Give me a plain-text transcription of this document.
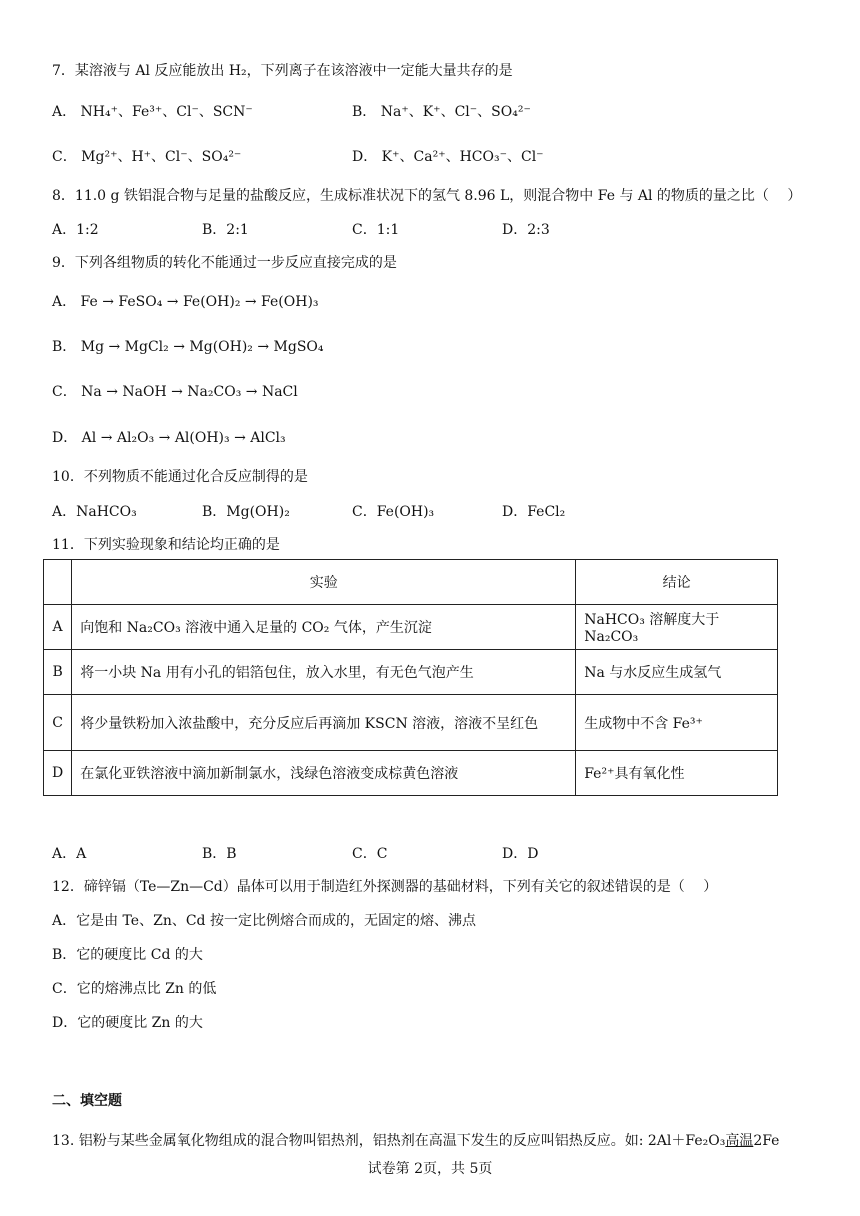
7．某溶液与 Al 反应能放出 H₂，下列离子在该溶液中一定能大量共存的是
A． NH₄⁺、Fe³⁺、Cl⁻、SCN⁻	B． Na⁺、K⁺、Cl⁻、SO₄²⁻
C． Mg²⁺、H⁺、Cl⁻、SO₄²⁻	D． K⁺、Ca²⁺、HCO₃⁻、Cl⁻
8．11.0 g 铁铝混合物与足量的盐酸反应，生成标准状况下的氢气 8.96 L，则混合物中 Fe 与 Al 的物质的量之比（　 ）
A．1:2	B．2:1	C．1:1	D．2:3
9．下列各组物质的转化不能通过一步反应直接完成的是
A． Fe → FeSO₄ → Fe(OH)₂ → Fe(OH)₃
B． Mg → MgCl₂ → Mg(OH)₂ → MgSO₄
C． Na → NaOH → Na₂CO₃ → NaCl
D． Al → Al₂O₃ → Al(OH)₃ → AlCl₃
10．不列物质不能通过化合反应制得的是
A．NaHCO₃	B．Mg(OH)₂	C．Fe(OH)₃	D．FeCl₂
11．下列实验现象和结论均正确的是
	实验	结论
A	向饱和 Na₂CO₃ 溶液中通入足量的 CO₂ 气体，产生沉淀	NaHCO₃ 溶解度大于 Na₂CO₃
B	将一小块 Na 用有小孔的铝箔包住，放入水里，有无色气泡产生	Na 与水反应生成氢气
C	将少量铁粉加入浓盐酸中，充分反应后再滴加 KSCN 溶液，溶液不呈红色	生成物中不含 Fe³⁺
D	在氯化亚铁溶液中滴加新制氯水，浅绿色溶液变成棕黄色溶液	Fe²⁺具有氧化性
A．A	B．B	C．C	D．D
12．碲锌镉（Te—Zn—Cd）晶体可以用于制造红外探测器的基础材料，下列有关它的叙述错误的是（　 ）
A．它是由 Te、Zn、Cd 按一定比例熔合而成的，无固定的熔、沸点
B．它的硬度比 Cd 的大
C．它的熔沸点比 Zn 的低
D．它的硬度比 Zn 的大
二、填空题
13. 铝粉与某些金属氧化物组成的混合物叫铝热剂，铝热剂在高温下发生的反应叫铝热反应。如: 2Al＋Fe₂O₃高温2Fe
试卷第 2页，共 5页
